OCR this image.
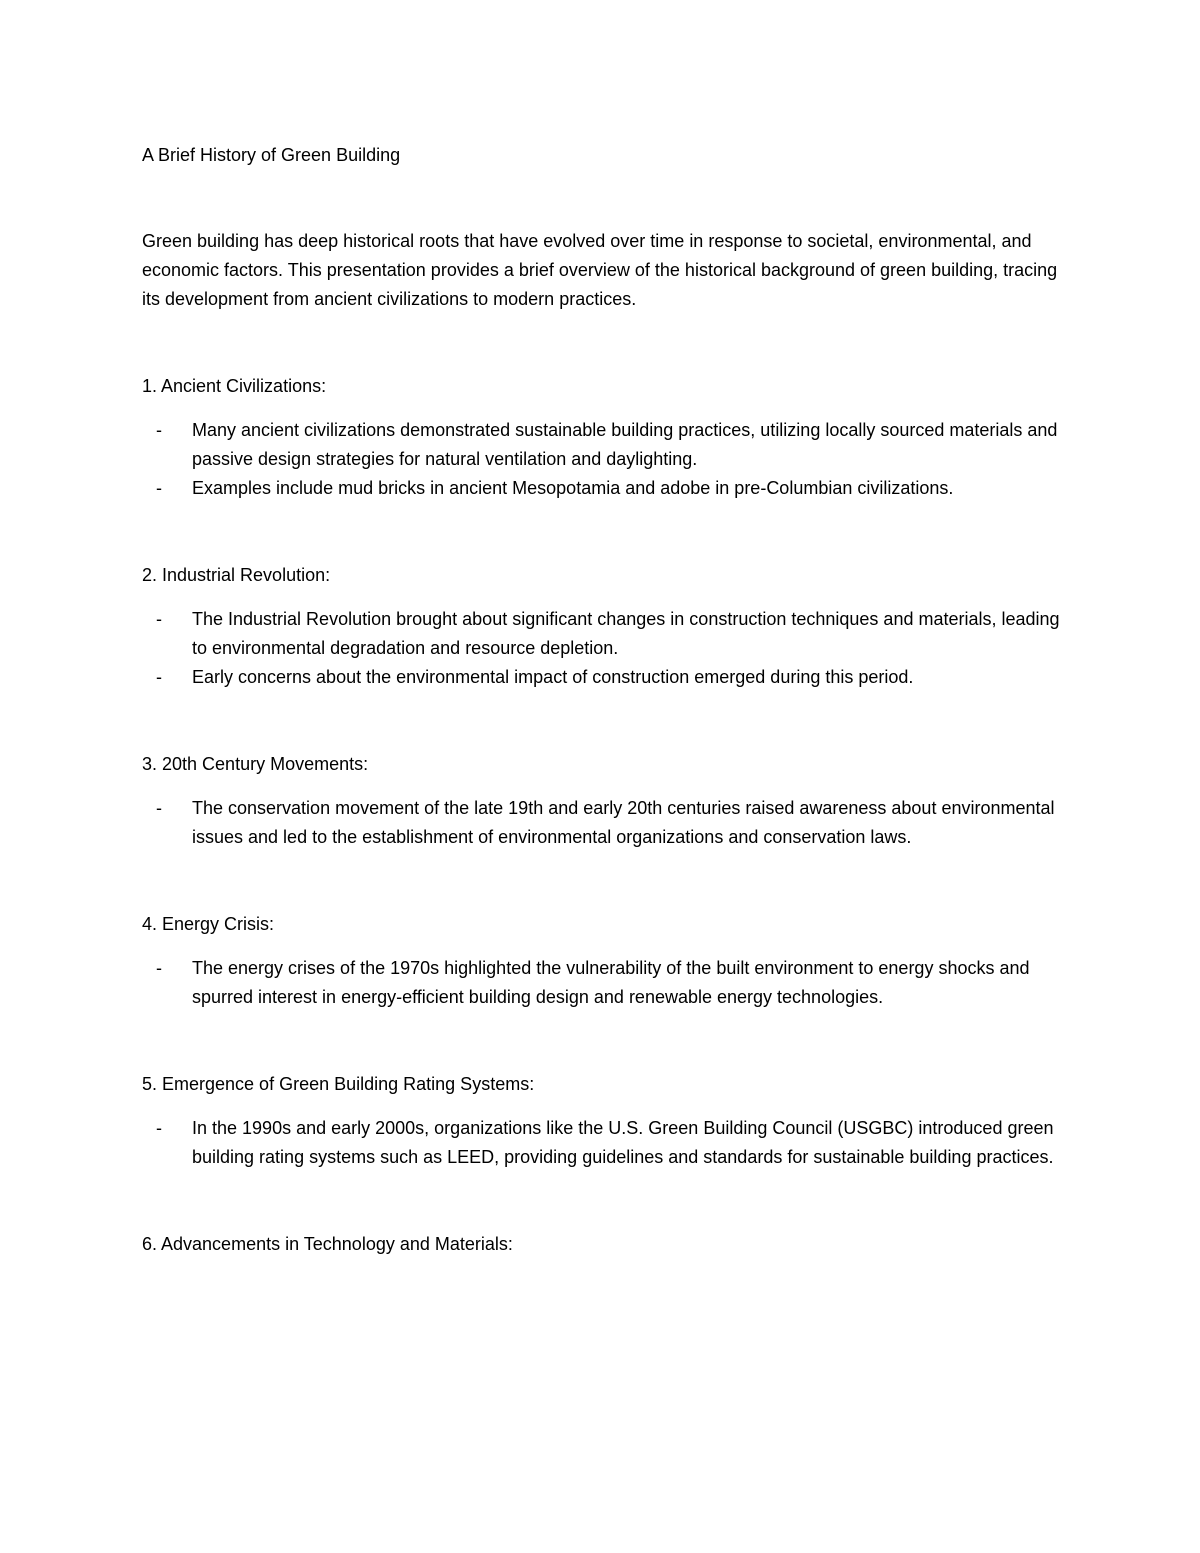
A Brief History of Green Building

Green building has deep historical roots that have evolved over time in response to societal, environmental, and economic factors. This presentation provides a brief overview of the historical background of green building, tracing its development from ancient civilizations to modern practices.

1. Ancient Civilizations:
- Many ancient civilizations demonstrated sustainable building practices, utilizing locally sourced materials and passive design strategies for natural ventilation and daylighting.
- Examples include mud bricks in ancient Mesopotamia and adobe in pre-Columbian civilizations.
2. Industrial Revolution:
- The Industrial Revolution brought about significant changes in construction techniques and materials, leading to environmental degradation and resource depletion.
- Early concerns about the environmental impact of construction emerged during this period.
3. 20th Century Movements:
- The conservation movement of the late 19th and early 20th centuries raised awareness about environmental issues and led to the establishment of environmental organizations and conservation laws.
4. Energy Crisis:
- The energy crises of the 1970s highlighted the vulnerability of the built environment to energy shocks and spurred interest in energy-efficient building design and renewable energy technologies.
5. Emergence of Green Building Rating Systems:
- In the 1990s and early 2000s, organizations like the U.S. Green Building Council (USGBC) introduced green building rating systems such as LEED, providing guidelines and standards for sustainable building practices.
6. Advancements in Technology and Materials:
